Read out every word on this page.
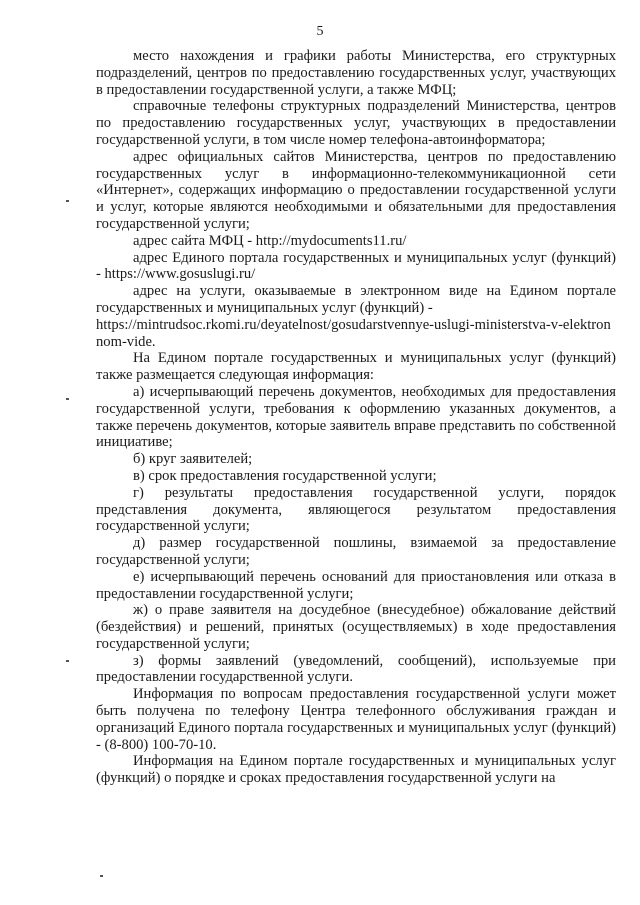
5

место нахождения и графики работы Министерства, его структурных подразделений, центров по предоставлению государственных услуг, участвующих в предоставлении государственной услуги, а также МФЦ;

справочные телефоны структурных подразделений Министерства, центров по предоставлению государственных услуг, участвующих в предоставлении государственной услуги, в том числе номер телефона-автоинформатора;

адрес официальных сайтов Министерства, центров по предоставлению государственных услуг в информационно-телекоммуникационной сети «Интернет», содержащих информацию о предоставлении государственной услуги и услуг, которые являются необходимыми и обязательными для предоставления государственной услуги;

адрес сайта МФЦ - http://mydocuments11.ru/

адрес Единого портала государственных и муниципальных услуг (функций) - https://www.gosuslugi.ru/

адрес на услуги, оказываемые в электронном виде на Едином портале государственных и муниципальных услуг (функций) -

https://mintrudsoc.rkomi.ru/deyatelnost/gosudarstvennye-uslugi-ministerstva-v-elektronnom-vide.

На Едином портале государственных и муниципальных услуг (функций) также размещается следующая информация:

а) исчерпывающий перечень документов, необходимых для предоставления государственной услуги, требования к оформлению указанных документов, а также перечень документов, которые заявитель вправе представить по собственной инициативе;

б) круг заявителей;

в) срок предоставления государственной услуги;

г) результаты предоставления государственной услуги, порядок представления документа, являющегося результатом предоставления государственной услуги;

д) размер государственной пошлины, взимаемой за предоставление государственной услуги;

е) исчерпывающий перечень оснований для приостановления или отказа в предоставлении государственной услуги;

ж) о праве заявителя на досудебное (внесудебное) обжалование действий (бездействия) и решений, принятых (осуществляемых) в ходе предоставления государственной услуги;

з) формы заявлений (уведомлений, сообщений), используемые при предоставлении государственной услуги.

Информация по вопросам предоставления государственной услуги может быть получена по телефону Центра телефонного обслуживания граждан и организаций Единого портала государственных и муниципальных услуг (функций) - (8-800) 100-70-10.

Информация на Едином портале государственных и муниципальных услуг (функций) о порядке и сроках предоставления государственной услуги на
